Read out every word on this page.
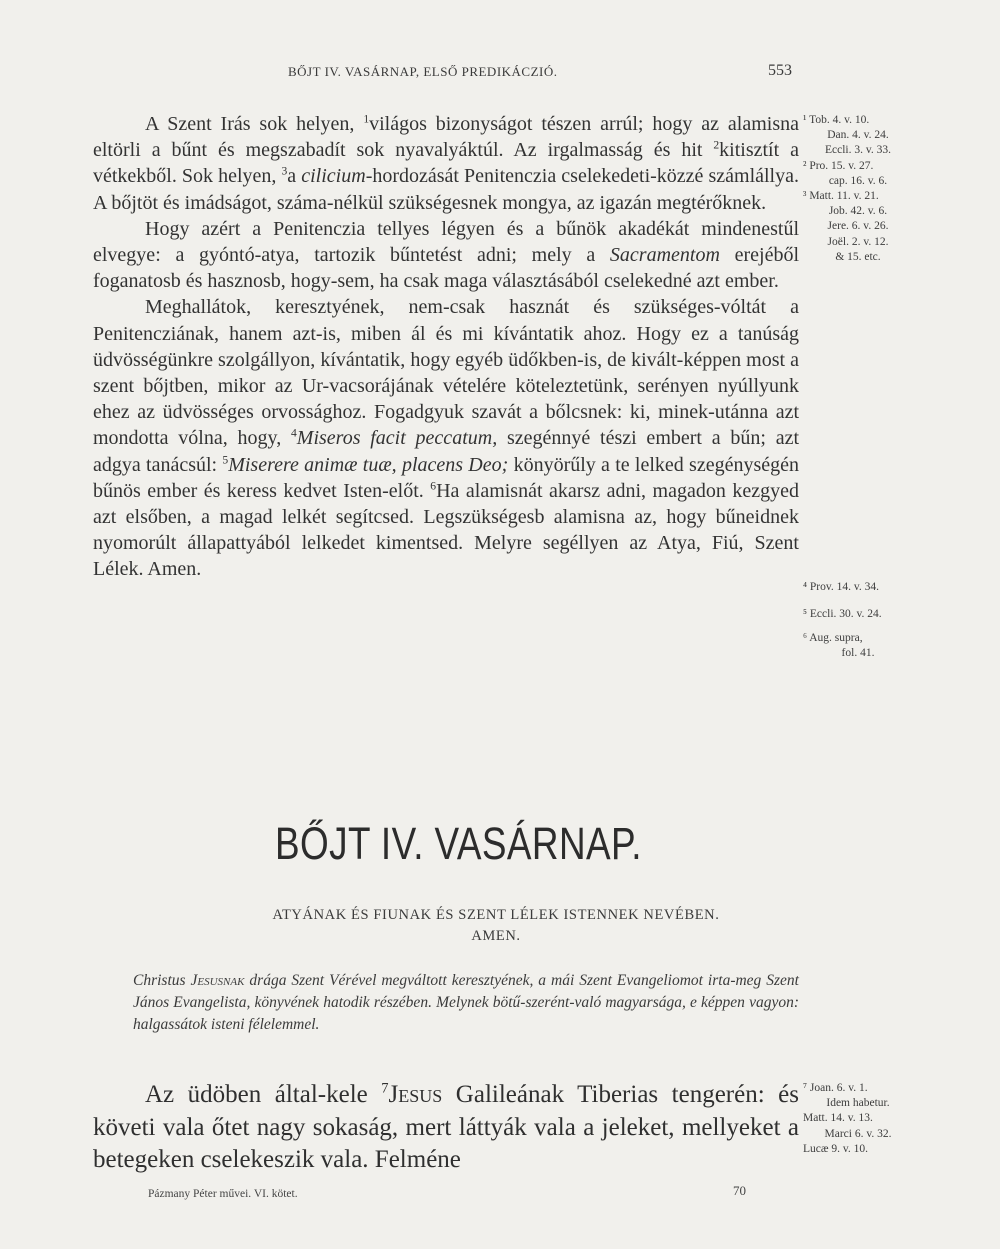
BŐJT IV. VASÁRNAP, ELSŐ PREDIKÁCZIÓ.	553

A Szent Irás sok helyen, $^1$világos bizonyságot tészen arrúl; hogy az alamisna eltörli a bűnt és megszabadít sok nyavalyáktúl. Az irgalmasság és hit $^2$kitisztít a vétkekből. Sok helyen, $^3$a cilicium-hordozását Penitenczia cselekedeti-közzé számlállya. A bőjtöt és imádságot, száma-nélkül szükségesnek mongya, az igazán megtérőknek.

Hogy azért a Penitenczia tellyes légyen és a bűnök akadékát mindenestűl elvegye: a gyóntó-atya, tartozik bűntetést adni; mely a Sacramentom erejéből foganatosb és hasznosb, hogy-sem, ha csak maga választásából cselekedné azt ember.

Meghallátok, keresztyének, nem-csak hasznát és szükséges-vóltát a Penitencziának, hanem azt-is, miben ál és mi kívántatik ahoz. Hogy ez a tanúság üdvösségünkre szolgállyon, kívántatik, hogy egyéb üdőkben-is, de kivált-képpen most a szent bőjtben, mikor az Ur-vacsorájának vételére köteleztetünk, serényen nyúllyunk ehez az üdvösséges orvossághoz. Fogadgyuk szavát a bőlcsnek: ki, minek-utánna azt mondotta vólna, hogy, $^4$Miseros facit peccatum, szegénnyé tészi embert a bűn; azt adgya tanácsúl: $^5$Miserere animæ tuæ, placens Deo; könyörűly a te lelked szegénységén bűnös ember és keress kedvet Isten-előt. $^6$Ha alamisnát akarsz adni, magadon kezgyed azt elsőben, a magad lelkét segítcsed. Legszükségesb alamisna az, hogy bűneidnek nyomorúlt állapattyából lelkedet kimentsed. Melyre segéllyen az Atya, Fiú, Szent Lélek. Amen.

¹ Tob. 4. v. 10.
Dan. 4. v. 24.
Eccli. 3. v. 33.
² Pro. 15. v. 27.
cap. 16. v. 6.
³ Matt. 11. v. 21.
Job. 42. v. 6.
Jere. 6. v. 26.
Joël. 2. v. 12.
& 15. etc.
⁴ Prov. 14. v. 34.
⁵ Eccli. 30. v. 24.
⁶ Aug. supra,
fol. 41.
⁷ Joan. 6. v. 1.
Idem habetur.
Matt. 14. v. 13.
Marci 6. v. 32.
Lucæ 9. v. 10.
BŐJT IV. VASÁRNAP.
ATYÁNAK ÉS FIUNAK ÉS SZENT LÉLEK ISTENNEK NEVÉBEN.
AMEN.
Christus Jesusnak drága Szent Vérével megváltott keresztyének, a mái Szent Evangeliomot irta-meg Szent János Evangelista, könyvének hatodik részében. Melynek bötű-szerént-való magyarsága, e képpen vagyon: halgassátok isteni félelemmel.
Az üdöben által-kele $^7$Jesus Galileának Tiberias tengerén: és követi vala őtet nagy sokaság, mert láttyák vala a jeleket, mellyeket a betegeken cselekeszik vala. Felméne
Pázmany Péter művei. VI. kötet.	70
